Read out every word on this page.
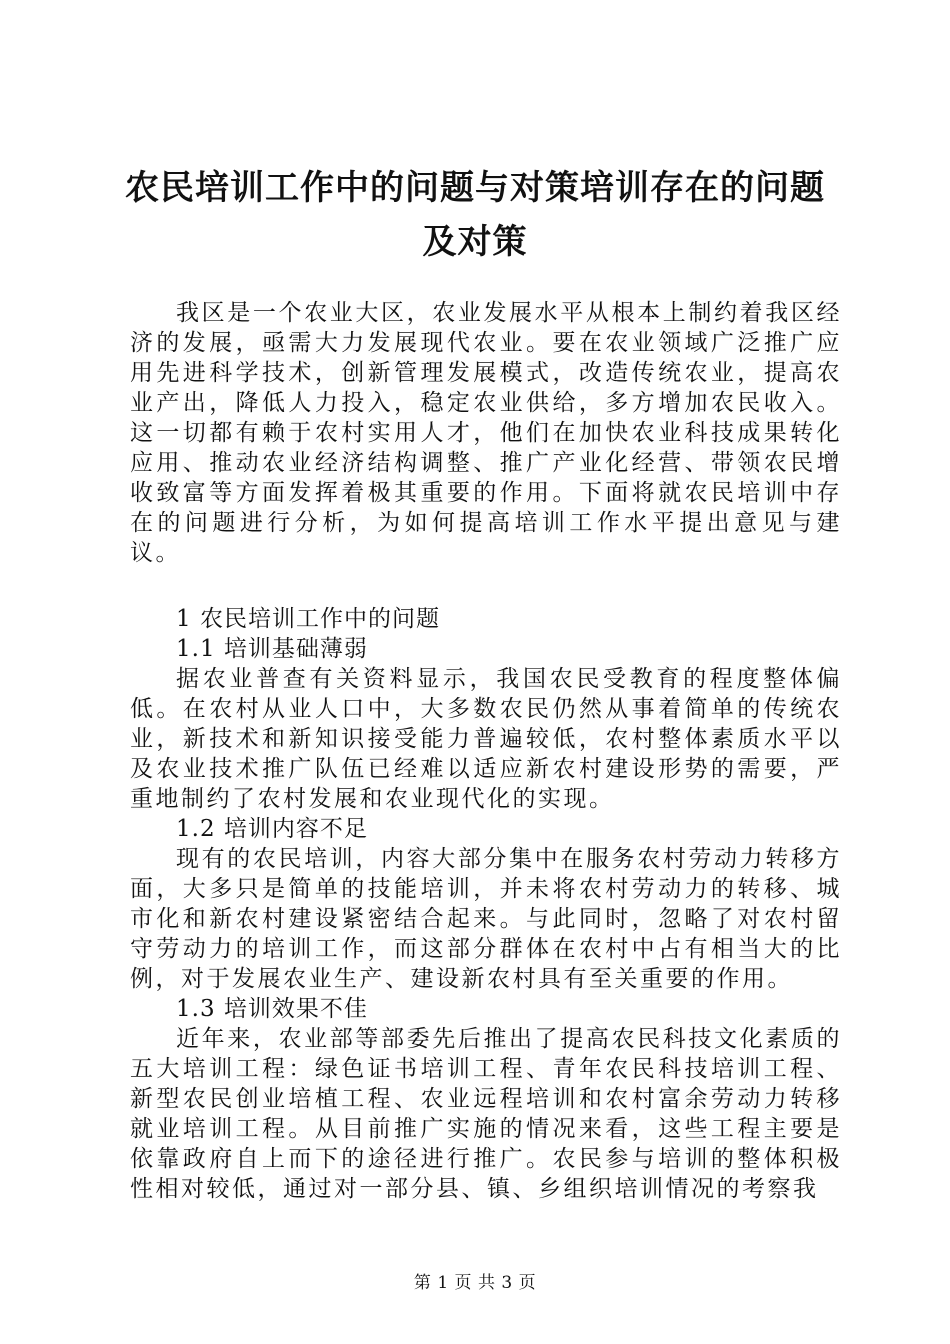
农民培训工作中的问题与对策培训存在的问题
及对策

我区是一个农业大区，农业发展水平从根本上制约着我区经济的发展，亟需大力发展现代农业。要在农业领域广泛推广应用先进科学技术，创新管理发展模式，改造传统农业，提高农业产出，降低人力投入，稳定农业供给，多方增加农民收入。这一切都有赖于农村实用人才，他们在加快农业科技成果转化应用、推动农业经济结构调整、推广产业化经营、带领农民增收致富等方面发挥着极其重要的作用。下面将就农民培训中存在的问题进行分析，为如何提高培训工作水平提出意见与建议。

1 农民培训工作中的问题

1.1 培训基础薄弱

据农业普查有关资料显示，我国农民受教育的程度整体偏低。在农村从业人口中，大多数农民仍然从事着简单的传统农业，新技术和新知识接受能力普遍较低，农村整体素质水平以及农业技术推广队伍已经难以适应新农村建设形势的需要，严重地制约了农村发展和农业现代化的实现。

1.2 培训内容不足

现有的农民培训，内容大部分集中在服务农村劳动力转移方面，大多只是简单的技能培训，并未将农村劳动力的转移、城市化和新农村建设紧密结合起来。与此同时，忽略了对农村留守劳动力的培训工作，而这部分群体在农村中占有相当大的比例，对于发展农业生产、建设新农村具有至关重要的作用。

1.3 培训效果不佳

近年来，农业部等部委先后推出了提高农民科技文化素质的五大培训工程：绿色证书培训工程、青年农民科技培训工程、新型农民创业培植工程、农业远程培训和农村富余劳动力转移就业培训工程。从目前推广实施的情况来看，这些工程主要是依靠政府自上而下的途径进行推广。农民参与培训的整体积极性相对较低，通过对一部分县、镇、乡组织培训情况的考察我

第 1 页 共 3 页
